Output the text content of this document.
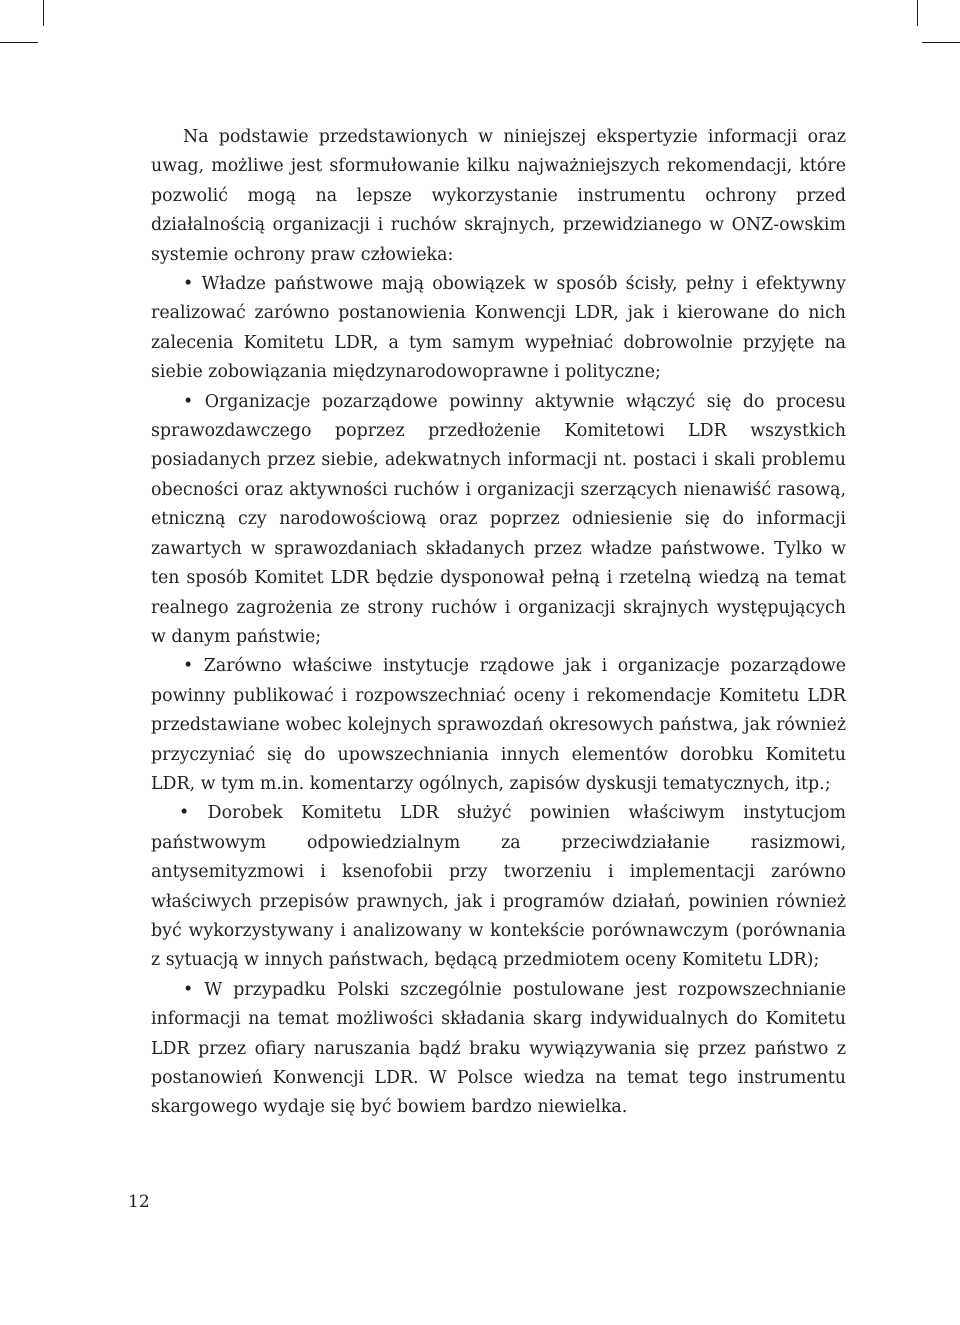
Na podstawie przedstawionych w niniejszej ekspertyzie informacji oraz uwag, możliwe jest sformułowanie kilku najważniejszych rekomendacji, które pozwolić mogą na lepsze wykorzystanie instrumentu ochrony przed działalnością organizacji i ruchów skrajnych, przewidzianego w ONZ-owskim systemie ochrony praw człowieka:

• Władze państwowe mają obowiązek w sposób ścisły, pełny i efektywny realizować zarówno postanowienia Konwencji LDR, jak i kierowane do nich zalecenia Komitetu LDR, a tym samym wypełniać dobrowolnie przyjęte na siebie zobowiązania międzynarodowoprawne i polityczne;

• Organizacje pozarządowe powinny aktywnie włączyć się do procesu sprawozdawczego poprzez przedłożenie Komitetowi LDR wszystkich posiadanych przez siebie, adekwatnych informacji nt. postaci i skali problemu obecności oraz aktywności ruchów i organizacji szerzących nienawiść rasową, etniczną czy narodowościową oraz poprzez odniesienie się do informacji zawartych w sprawozdaniach składanych przez władze państwowe. Tylko w ten sposób Komitet LDR będzie dysponował pełną i rzetelną wiedzą na temat realnego zagrożenia ze strony ruchów i organizacji skrajnych występujących w danym państwie;

• Zarówno właściwe instytucje rządowe jak i organizacje pozarządowe powinny publikować i rozpowszechniać oceny i rekomendacje Komitetu LDR przedstawiane wobec kolejnych sprawozdań okresowych państwa, jak również przyczyniać się do upowszechniania innych elementów dorobku Komitetu LDR, w tym m.in. komentarzy ogólnych, zapisów dyskusji tematycznych, itp.;

• Dorobek Komitetu LDR służyć powinien właściwym instytucjom państwowym odpowiedzialnym za przeciwdziałanie rasizmowi, antysemityzmowi i ksenofobii przy tworzeniu i implementacji zarówno właściwych przepisów prawnych, jak i programów działań, powinien również być wykorzystywany i analizowany w kontekście porównawczym (porównania z sytuacją w innych państwach, będącą przedmiotem oceny Komitetu LDR);

• W przypadku Polski szczególnie postulowane jest rozpowszechnianie informacji na temat możliwości składania skarg indywidualnych do Komitetu LDR przez ofiary naruszania bądź braku wywiązywania się przez państwo z postanowień Konwencji LDR. W Polsce wiedza na temat tego instrumentu skargowego wydaje się być bowiem bardzo niewielka.

12
